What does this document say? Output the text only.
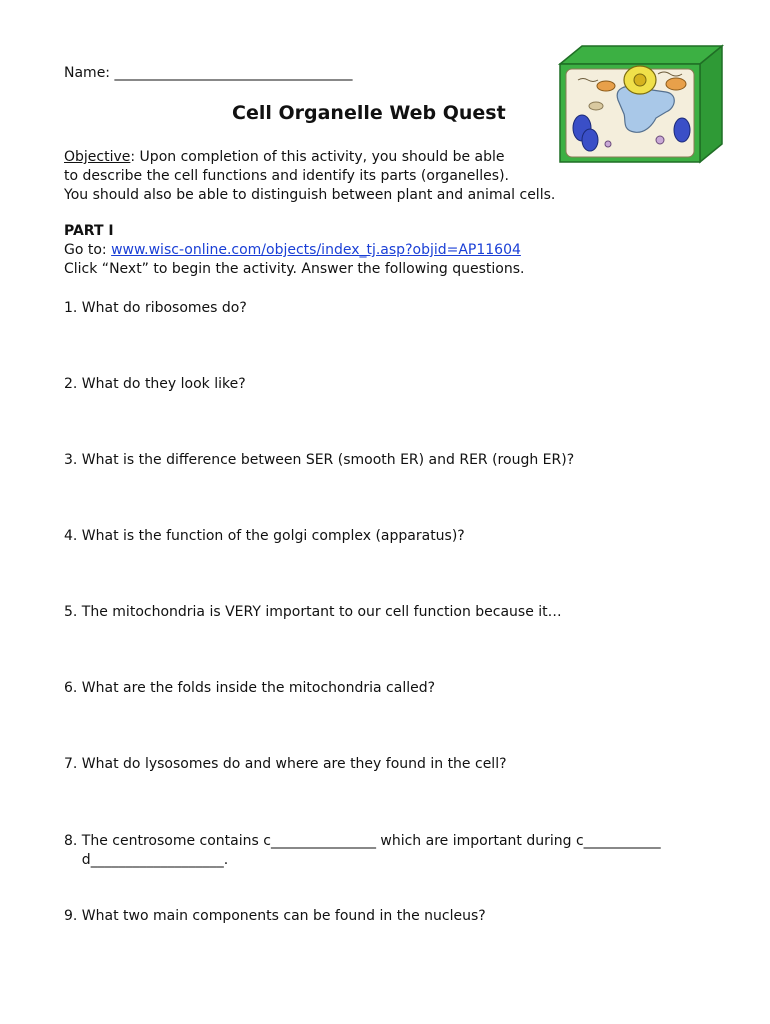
Name: __________________________________
Cell Organelle Web Quest
Objective: Upon completion of this activity, you should be able
to describe the cell functions and identify its parts (organelles).
You should also be able to distinguish between plant and animal cells.
PART I
Go to: www.wisc-online.com/objects/index_tj.asp?objid=AP11604
Click “Next” to begin the activity. Answer the following questions.
1. What do ribosomes do?
2. What do they look like?
3. What is the difference between SER (smooth ER) and RER (rough ER)?
4. What is the function of the golgi complex (apparatus)?
5. The mitochondria is VERY important to our cell function because it…
6. What are the folds inside the mitochondria called?
7. What do lysosomes do and where are they found in the cell?
8. The centrosome contains c_______________ which are important during c___________
d___________________.
9. What two main components can be found in the nucleus?
